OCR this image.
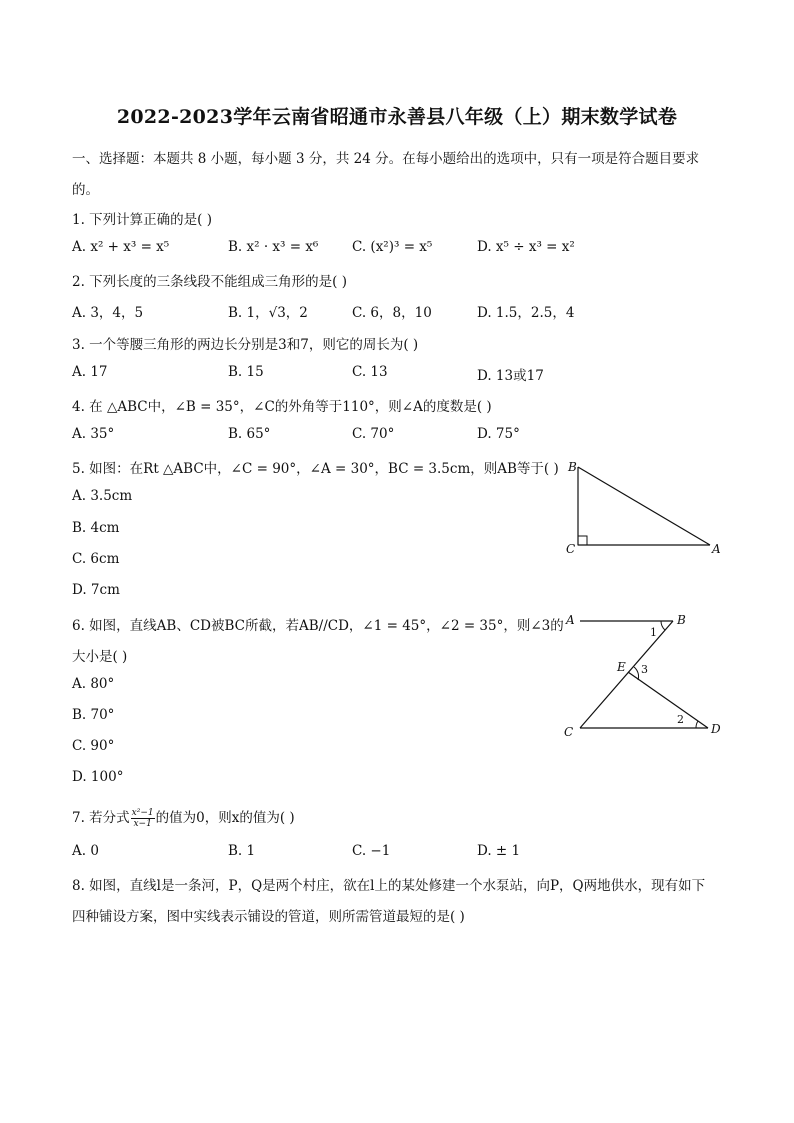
2022-2023学年云南省昭通市永善县八年级（上）期末数学试卷
一、选择题：本题共 8 小题，每小题 3 分，共 24 分。在每小题给出的选项中，只有一项是符合题目要求
的。
1. 下列计算正确的是( )
A. x² + x³ = x⁵	B. x² · x³ = x⁶ C. (x²)³ = x⁵	D. x⁵ ÷ x³ = x²
2. 下列长度的三条线段不能组成三角形的是( )
A. 3，4，5	B. 1，√3，2	C. 6，8，10	D. 1.5，2.5，4
3. 一个等腰三角形的两边长分别是3和7，则它的周长为( )
A. 17	B. 15	C. 13	D. 13或17
4. 在 △ABC中，∠B = 35°，∠C的外角等于110°，则∠A的度数是( )
A. 35°	B. 65°	C. 70°	D. 75°
5. 如图：在Rt △ABC中，∠C = 90°，∠A = 30°，BC = 3.5cm，则AB等于( )
A. 3.5cm
B. 4cm
C. 6cm
D. 7cm
B
C	A
6. 如图，直线AB、CD被BC所截，若AB//CD，∠1 = 45°，∠2 = 35°，则∠3的
大小是( )
A. 80°
B. 70°
C. 90°
D. 100°
A	B
E
C	D
1
3
2
7. 若分式 $\frac{\text{x²−1}}{x-1}$ 的值为0，则x的值为( )
A. 0	B. 1	C. −1	D. ± 1
8. 如图，直线l是一条河，P，Q是两个村庄，欲在l上的某处修建一个水泵站，向P，Q两地供水，现有如下
四种铺设方案，图中实线表示铺设的管道，则所需管道最短的是( )
